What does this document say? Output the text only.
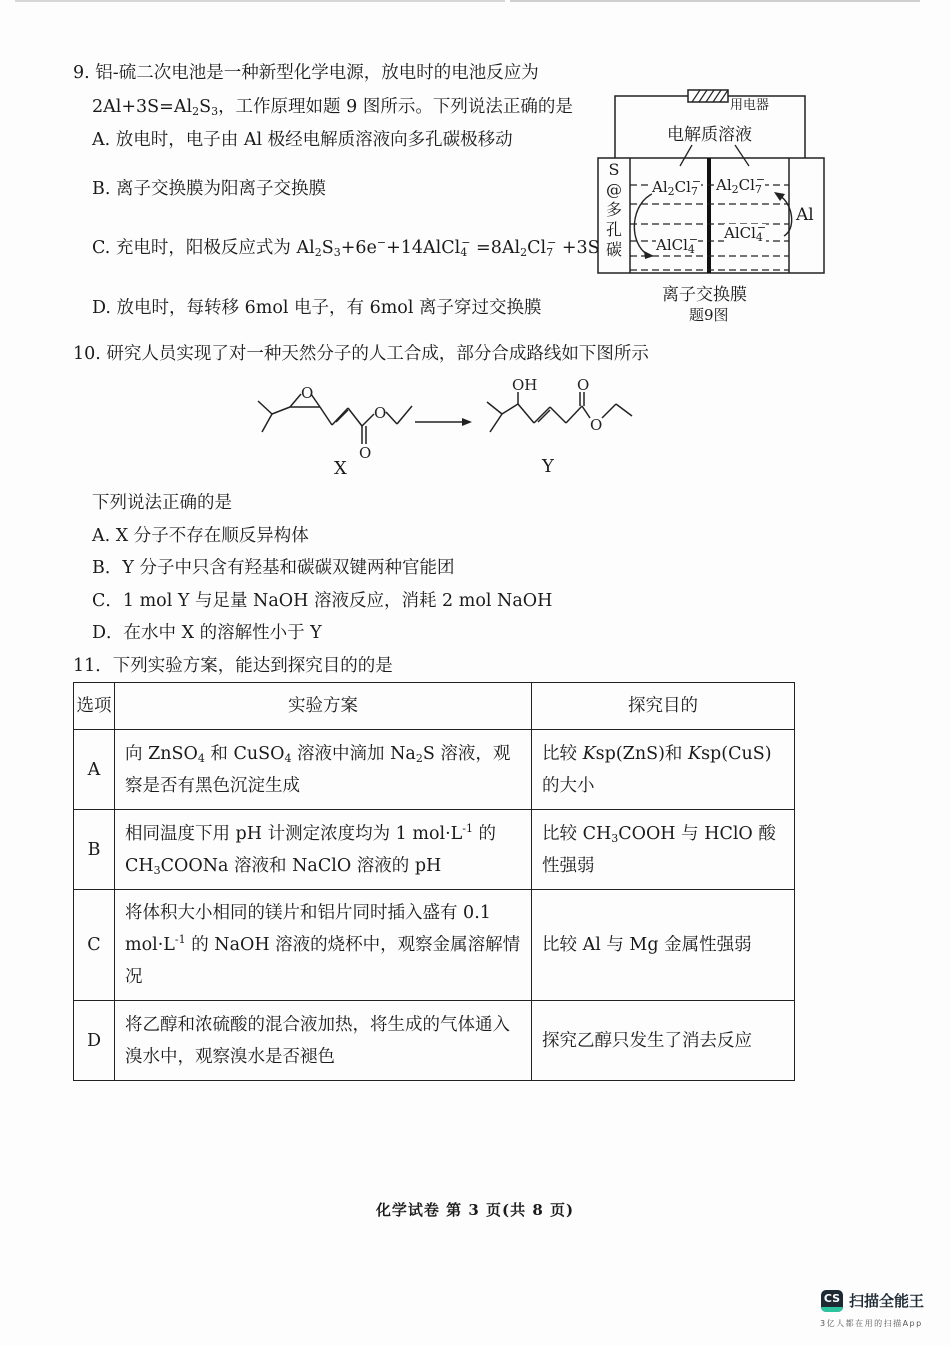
9. 铝-硫二次电池是一种新型化学电源，放电时的电池反应为
$2Al+3S=Al_2S_3$，工作原理如题 9 图所示。下列说法正确的是
A. 放电时，电子由 Al 极经电解质溶液向多孔碳极移动
B. 离子交换膜为阳离子交换膜
C. 充电时，阳极反应式为 $Al_2S_3+6e^-+14AlCl_4^- =8Al_2Cl_7^- +3S$
D. 放电时，每转移 6mol 电子，有 6mol 离子穿过交换膜
用电器
电解质溶液
S
@
多
孔
碳
Al
$Al_2Cl_7^-$
AlCl$_4$−
$Al_2Cl_7^-$
AlCl$_4$−
离子交换膜
题9图
10. 研究人员实现了对一种天然分子的人工合成，部分合成路线如下图所示
O
O
O
OH	O
O
X	Y
下列说法正确的是
A. X 分子不存在顺反异构体
B．Y 分子中只含有羟基和碳碳双键两种官能团
C．1 mol Y 与足量 NaOH 溶液反应，消耗 2 mol NaOH
D．在水中 X 的溶解性小于 Y
11．下列实验方案，能达到探究目的的是
选项	实验方案	探究目的
A	向 ZnSO$_4$ 和 CuSO$_4$ 溶液中滴加 $Na_2S$ 溶液，观察是否有黑色沉淀生成	比较 Ksp(ZnS)和 Ksp(CuS)的大小
B	相同温度下用 pH 计测定浓度均为 1 $mol\cdot L^{-1}$ 的 $CH_3COONa$ 溶液和 NaClO 溶液的 pH	比较 $CH_3COOH$ 与 HClO 酸性强弱
C	将体积大小相同的镁片和铝片同时插入盛有 0.1 $mol\cdot L^{-1}$ 的 NaOH 溶液的烧杯中，观察金属溶解情况	比较 Al 与 Mg 金属性强弱
D	将乙醇和浓硫酸的混合液加热，将生成的气体通入溴水中，观察溴水是否褪色	探究乙醇只发生了消去反应
化学试卷 第 3 页(共 8 页)
CS 扫描全能王
3亿人都在用的扫描App
